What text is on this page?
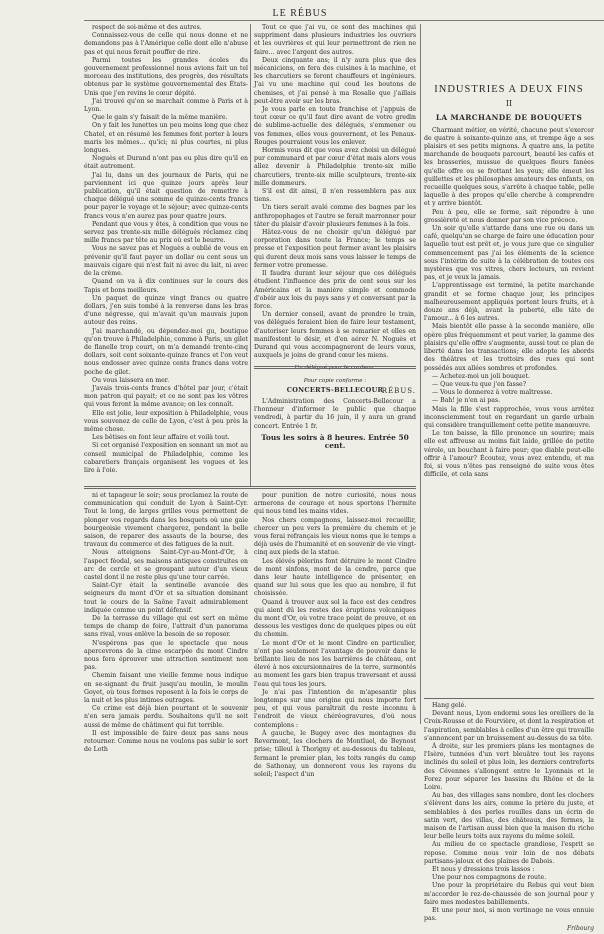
LE RÉBUS

respect de soi-même et des autres.

Connaissez-vous de celle qui nous donne et ne demandons pas à l'Amérique celle dont elle n'abuse pas et qui nous ferait pouffer de rire.

Parmi toutes les grandes écoles du gouvernement professionnel nous avions fait un tel morceau des institutions, des progrès, des résultats obtenus par le système gouvernemental des États-Unis que j'en revins le cœur dépité.

J'ai trouvé qu'on se marchait comme à Paris et à Lyon.

Que le gain s'y faisait de la même manière.

On y fait les lunettes un peu moins long que chez Chatel, et en résumé les femmes font porter à leurs maris les mêmes... qu'ici; ni plus courtes, ni plus longues.

Noguès et Durand n'ont pas eu plus dire qu'il en était autrement.

J'ai lu, dans un des journaux de Paris, qui ne parviennent ici que quinze jours après leur publication, qu'il était question de remettre à chaque délégué une somme de quinze-cents francs pour payer le voyage et le séjour; avec quinze-cents francs vous n'en aurez pas pour quatre jours.

Pendant que vous y êtes, à condition que vous ne servez pas trente-six mille délégués réclamez cinq mille francs par tête au prix où est le beurre.

Vous ne savez pas et Noguès a oublié de vous en prévenir qu'il faut payer un dollar ou cent sous un mauvais cigare qui n'est fait ni avec du lait, ni avec de la crème.

Quand on va à dix continues sur le cours des Tapis et bons meilleurs.

Un paquet de quinze vingt francs ou quatre dollars, j'en suis tombé à la renverse dans les bras d'une négresse, qui m'avait qu'un mauvais jupon autour des reins.

J'ai marchandé, ou dépendez-moi gu, boutique qu'on trouve à Philadelphie, comme à Paris, un gilet de flanelle trop court, on m'a demandé trente-cinq dollars, soit cent soixante-quinze francs et l'on veut nous endosser avec quinze cents francs dans votre poche de gilet.

Ou vous laissera en mer.

J'avais trois-cents francs d'hôtel par jour, c'était mon patron qui payait; et ce ne sont pas les vôtres qui vous feront la même avance; on les connaît.

Elle est jolie, leur exposition à Philadelphie, vous vous souvenez de celle de Lyon, c'est à peu près la même chose.

Les bêtises en font leur affaire et voilà tout.

Si cet organisé l'exposition en sonnant un mot au conseil municipal de Philadelphie, comme les cabaretiers français organisent les vogues et les lire à l'oie.

Tout ce que j'ai vu, ce sont des machines qui suppriment dans plusieurs industries les ouvriers et les ouvrières et qui leur permettront de rien ne faire... avec l'argent des autres.

Deux cinquante ans; il n'y aura plus que des mécaniciens, on fera des cuisines à la machine, et les charcutiers se feront chauffeurs et ingénieurs. J'ai vu une machine qui coud les boutons de chemises, et j'ai pensé à ma Rosalie que j'aillais peut-être avoir sur les bras.

Je vous parle en toute franchise et j'appuis de tout cœur ce qu'il faut dire avant de votre gredin de sublime-actuelle des délégués, s'emmener ou vos femmes, elles vous gouvernent, et les Penaux-Rouges pourraient vous les enlever.

Hormis vous dit que vous avez choisi un délégué pur communard et par cœur d'état mais alors vous allez devenir à Philadelphie trente-six mille charcutiers, trente-six mille sculpteurs, trente-six mille dommeurs.

S'il est dit ainsi, il n'en ressemblera pas aux tiens.

Un tiers serait avalé comme des bagnes par les anthropophages et l'autre se ferait marronner pour tâter du plaisir d'avoir plusieurs femmes à la fois.

Hâtez-vous de ne choisir qu'un délégué par corporation dans toute la France; le temps se presse et l'exposition peut fermer avant les plaisirs qui durent deux mois sans vous laisser le temps de fermer votre promesse.

Il faudra durant leur séjour que ces délégués étudient l'influence des prix de cent sous sur les Américains et la manière simple et commode d'obéir aux lois du pays sans y et conversant par la force.

Un dernier conseil, avant de prendre le train, vos délégués feraient bien de faire leur testament, d'autoriser leurs femmes à se remarier et elles en manifestent le désir, et d'en aérer N. Noguès et Durand qui vous accompagneront de leurs vœux, auxquels je joins de grand cœur les miens.

Pour copie conforme :
RÉBUS.
CONCERTS-BELLECOUR

L'Administration des Concerts-Bellecour a l'honneur d'informer le public que chaque vendredi, à partir du 16 juin, il y aura un grand concert. Entrée 1 fr.

Tous les soirs à 8 heures. Entrée 50 cent.
INDUSTRIES A DEUX FINS
II
LA MARCHANDE DE BOUQUETS

Charmant métier, en vérité, chacune peut s'exercer de quatre à soixante-quinze ans, et trempe âge a ses plaisirs et ses petits mignons. À quatre ans, la petite marchande de bouquets parcourt, beauté les cafés et les brasseries, mussue de quelques fleurs fanées qu'elle offre ou se frottant les yeux; elle émeut les guillettes et les philosophes amateurs des enfants, on recueille quelques sous, s'arrête à chaque table, pelle laquelle à des propos qu'elle cherche à comprendre et y arrive bientôt.

Peu à peu, elle se forme, sait répondre à une grossièreté et nous donner par son vice précoce.

Un soir qu'elle s'attarde dans une rue ou dans un café, quelqu'un se charge de faire une éducation pour laquelle tout est prêt et, je vous jure que ce singulier commencement pas j'ai les éléments de la science sous l'intérim de suite à la célébration de toutes ces mystères que vos vitres, chers lecteurs, un revient pas, et je veux la jamais.

L'apprentissage est terminé, la petite marchande grandit et se forme chaque jour, les principes malheureusement appliqués portent leurs fruits, et à douze ans déjà, avant la puberté, elle tâte de l'amour... à 6 les autres.

Mais bientôt elle passe à la seconde manière, elle opère plus fréquemment et peut varier, la gamme des plaisirs qu'elle offre s'augmente, aussi tout ce plan de liberté dans les transactions; elle adopte les abords des théâtres et les trottoirs des rues qui sont possédés aux allées sombres et profondes.

— Achetez-moi un joli bouquet.

— Que veux-tu que j'en fasse?

— Vous le donnerez à votre maîtresse.

— Bah! je n'en ai pas.

Mais la fille s'est rapprochée, vous vous arrêtez inconsciemment tout en regardant un garde urbain qui considère tranquillement cette petite manœuvre.

Le ton baisse, la fille prononce un sourire; mais elle est affreuse au moins fait laide, grillée de petite vérole, un bouchant à faire peur; que diable peut-elle offrir à l'amour? Écoutez, vous avez entendu, et ma foi, si vous n'êtes pas renseigné de suite vous êtes difficile, et cela sans

ni et tapageur le soir; sous proclamez la route de communication qui conduit de Lyon à Saint-Cyr. Tout le long, de larges grilles vous permettent de plonger vos regards dans les bosquets où une gaie bourgeoisie vivement chargerez, pendant la belle saison, de reparer des assauts de la bourse, des travaux du commerce et des fatigues de la nuit.

Nous atteignons Saint-Cyr-au-Mont-d'Or, à l'aspect féodal, ses maisons antiques construites en arc de cercle et se groupant autour d'un vieux castel dont il ne reste plus qu'une tour carrée.

Saint-Cyr était la sentinelle avancée des seigneurs du mont d'Or et sa situation dominant tout le cours de la Saône l'avait admirablement indiquée comme un point défensif.

De la terrasse du village qui est sert en même temps de champ de foire, l'attrait d'un panorama sans rival, vous enlève la besoin de se reposer.

N'espérons pas que le spectacle que nous apercevrons de la cime escarpée du mont Cindre nous fera éprouver une attraction sentiment non pas.

Chemin faisant une vieille femme nous indique en se-signant du fruit jusqu'au moulin, le moulin Goyet, où tous formes reposent à la fois le corps de la nuit et les plus intimes outrages.

Ce crime est déjà bien pourtant et le souvenir n'en sera jamais perdu. Souhaitons qu'il ne soit aussi de même de châtiment qui fut terrible.

Il est impossible de faire deux pas sans nous retourner. Comme nous ne voulons pas subir le sort de Loth

pour punition de notre curiosité, nous nous armerons de courage et nous sportons l'hermite qui nous tend les mains vides.

Nos chers compagnons, laissez-moi recueillir, chercer un peu vers la première du chemin et je vous ferai refrançais les vieux noms que le temps a déjà usés de l'humanité et en souvenir de vie vingt-cinq aux pieds de la statue.

Les élévés pèlerins font détruire le mont Cindre de mont sinfons, mont de la cendre, parce que dans leur haute intelligence de présenter, en quand sur lui sous que les quo au nombre, il fut choisissée.

Quand à trouver aux sol la face est des cendres qui aient dû les restes des éruptions volcaniques du mont d'Or, où votre trace point de preuve, et en dessous les vestiges donc de quelques pipes ou eût du chemin.

Le mont d'Or et le mont Cindre en particulier, n'ont pas seulement l'avantage de pouvoir dans le brillante lieu de nos les barrières de château, ont élevé à nos excursionnaires de la terre, surmontés au moment les gars bien trapus traversant et aussi l'eau qui tous les jours.

Je n'ai pas l'intention de m'apesantir plus longtemps sur une origine qui nous importe fort peu, et qui vous paraîtrait du reste inconnu à l'endroit de vieux chéréogravures, d'où nous contemplons :

À gauche, le Bugey avec des montagnes du Revermont, les clochers de Montluel, de Beynost prise; tilleul à Thorigny et au-dessous du tableau, fermant le premier plan, les toits rangés du camp de Sathonay, un donneront vous les rayons du soleil; l'aspect d'un

Hang gelé.

Devant nous, Lyon endormi sous les oreillers de la Croix-Rousse et de Fourvière, et dont la respiration et l'aspiration, semblables à celles d'un être qui travaille s'annoncent par un bruissement au-dessus de sa tête.

À droite, sur les premiers plans les montagnes de l'Isère, tunnées d'un vert bleuâtre tout les rayons inclinés du soleil et plus loin, les derniers contreforts des Cévennes s'allongent entre le Lyonnais et le Forez pour séparer les bassins du Rhône et de la Loire.

Au bas, des villages sans nombre, dont les clochers s'élèvent dans les airs, comme la prière du juste, et semblables à des perles rouilles dans un écrin de satin vert, des villas, des châteaux, des fermes, la maison de l'artisan aussi bien que la maison du riche leur belle leurs toits aux rayons du même soleil.

Au milieu de ce spectacle grandiose, l'esprit se repose. Comme nous voir loin de nos débats partisans-jaloux et des plaines de Dabois.

Et nous y dressions trois lassos :

Une pour nos compagnons de route.

Une pour la propriétaire du Rebus qui veut bien m'accorder le rez-de-chaussée de son journal pour y faire mes modestes babillements.

Et une pour moi, si mon vertinage ne vous ennuie pas.

Fribourg
